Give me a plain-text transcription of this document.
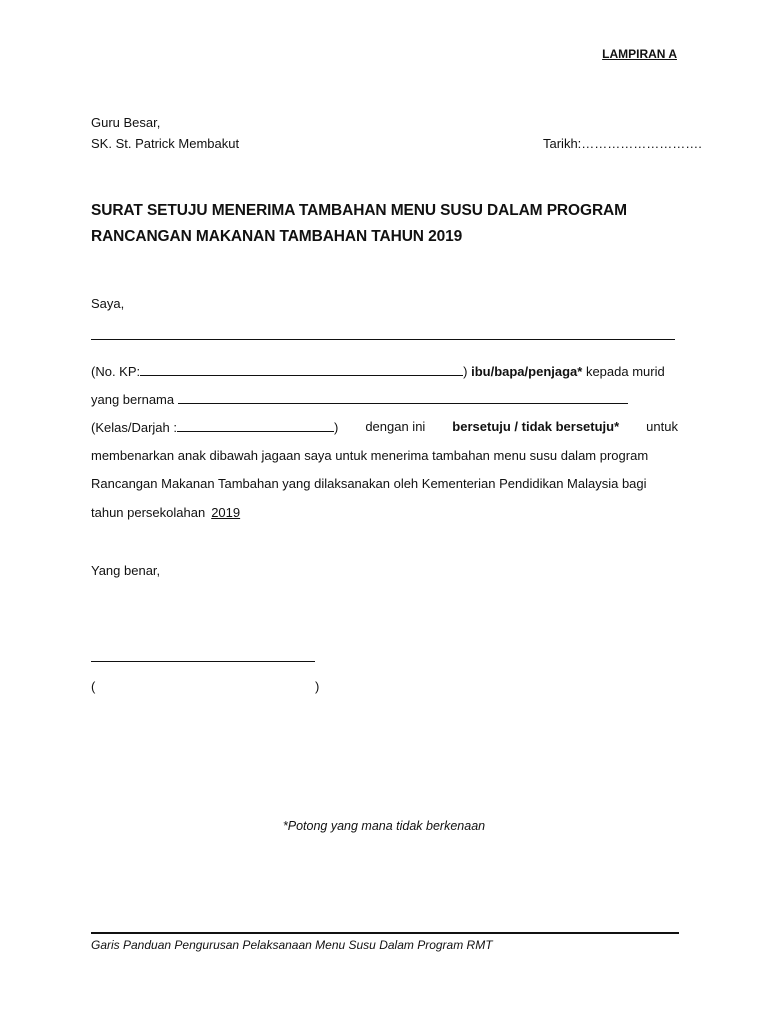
LAMPIRAN A
Guru Besar,
SK. St. Patrick Membakut	Tarikh:……………………….
SURAT SETUJU MENERIMA TAMBAHAN MENU SUSU DALAM PROGRAM
RANCANGAN MAKANAN TAMBAHAN TAHUN 2019
Saya,
(No. KP:	) ibu/bapa/penjaga* kepada murid
yang bernama
(Kelas/Darjah :	) dengan ini bersetuju / tidak bersetuju* untuk
membenarkan anak dibawah jagaan saya untuk menerima tambahan menu susu dalam program
Rancangan Makanan Tambahan yang dilaksanakan oleh Kementerian Pendidikan Malaysia bagi
tahun persekolahan 2019
Yang benar,
(	)
*Potong yang mana tidak berkenaan
Garis Panduan Pengurusan Pelaksanaan Menu Susu Dalam Program RMT
